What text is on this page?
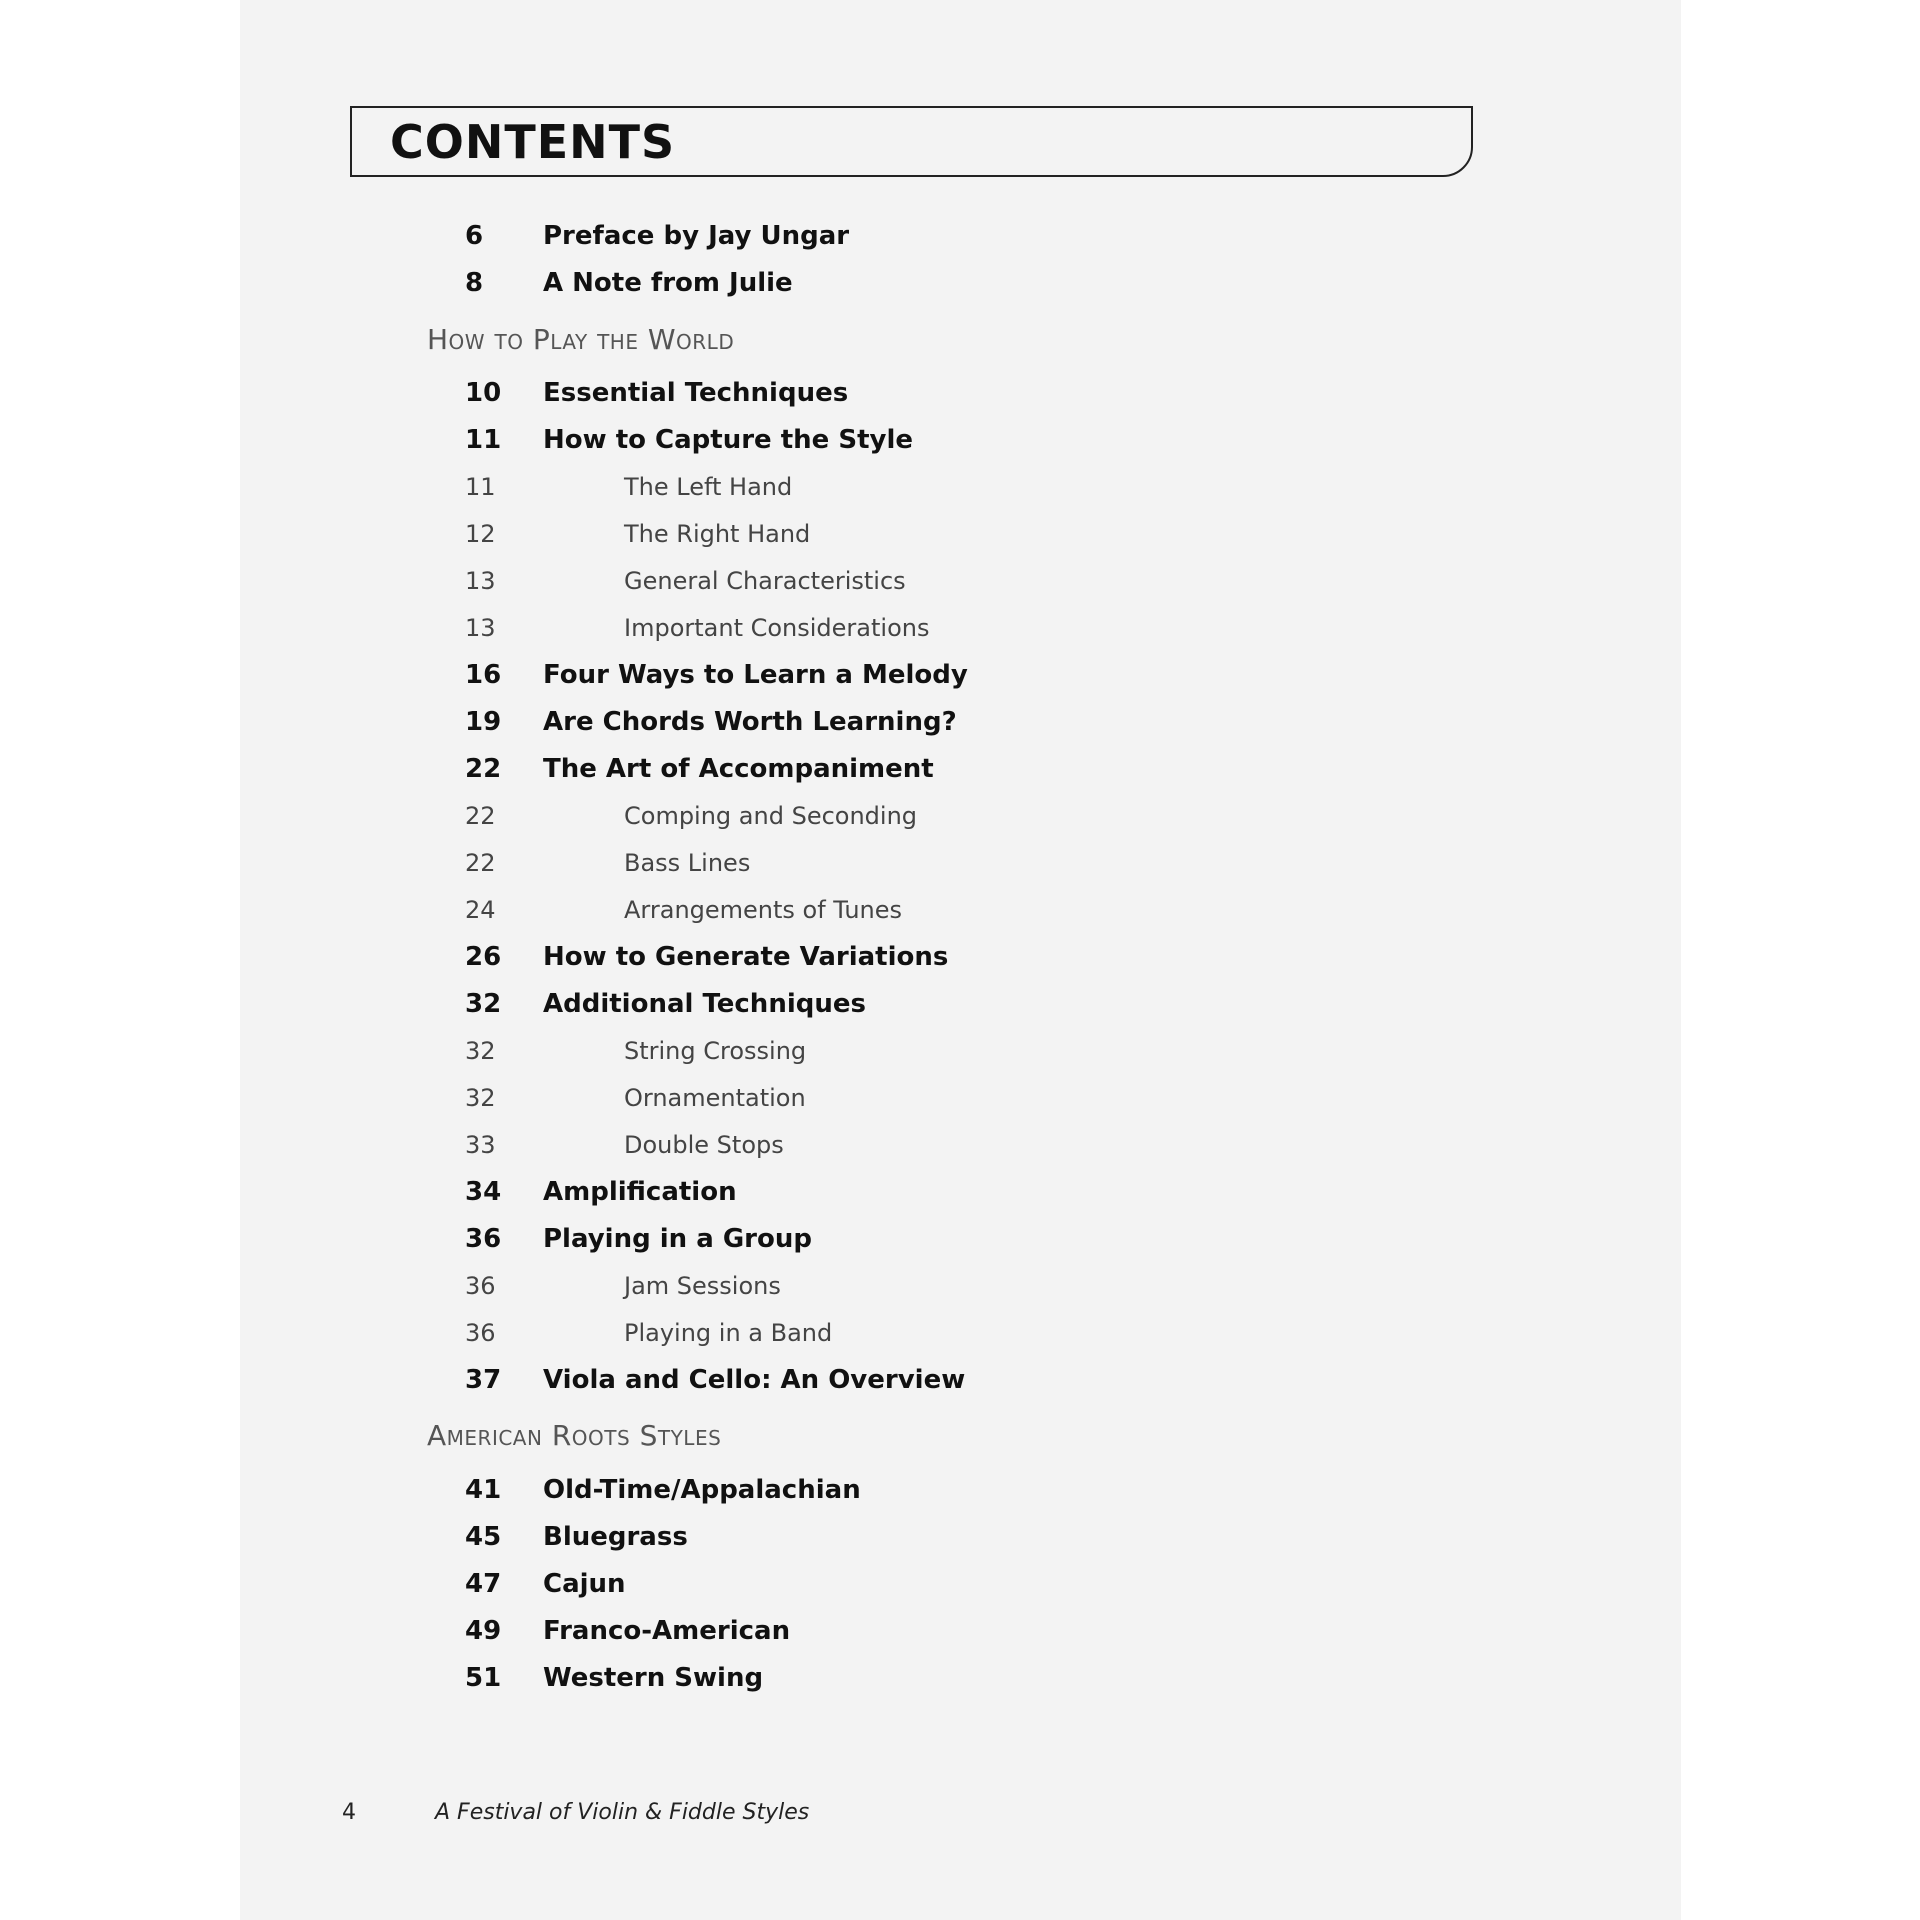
CONTENTS
6 Preface by Jay Ungar
8 A Note from Julie
How to Play the World
10 Essential Techniques
11 How to Capture the Style
11	The Left Hand
12	The Right Hand
13	General Characteristics
13	Important Considerations
16 Four Ways to Learn a Melody
19 Are Chords Worth Learning?
22 The Art of Accompaniment
22	Comping and Seconding
22	Bass Lines
24	Arrangements of Tunes
26 How to Generate Variations
32 Additional Techniques
32	String Crossing
32	Ornamentation
33	Double Stops
34 Amplification
36 Playing in a Group
36	Jam Sessions
36	Playing in a Band
37 Viola and Cello: An Overview
American Roots Styles
41 Old-Time/Appalachian
45 Bluegrass
47 Cajun
49 Franco-American
51 Western Swing
4	A Festival of Violin & Fiddle Styles
